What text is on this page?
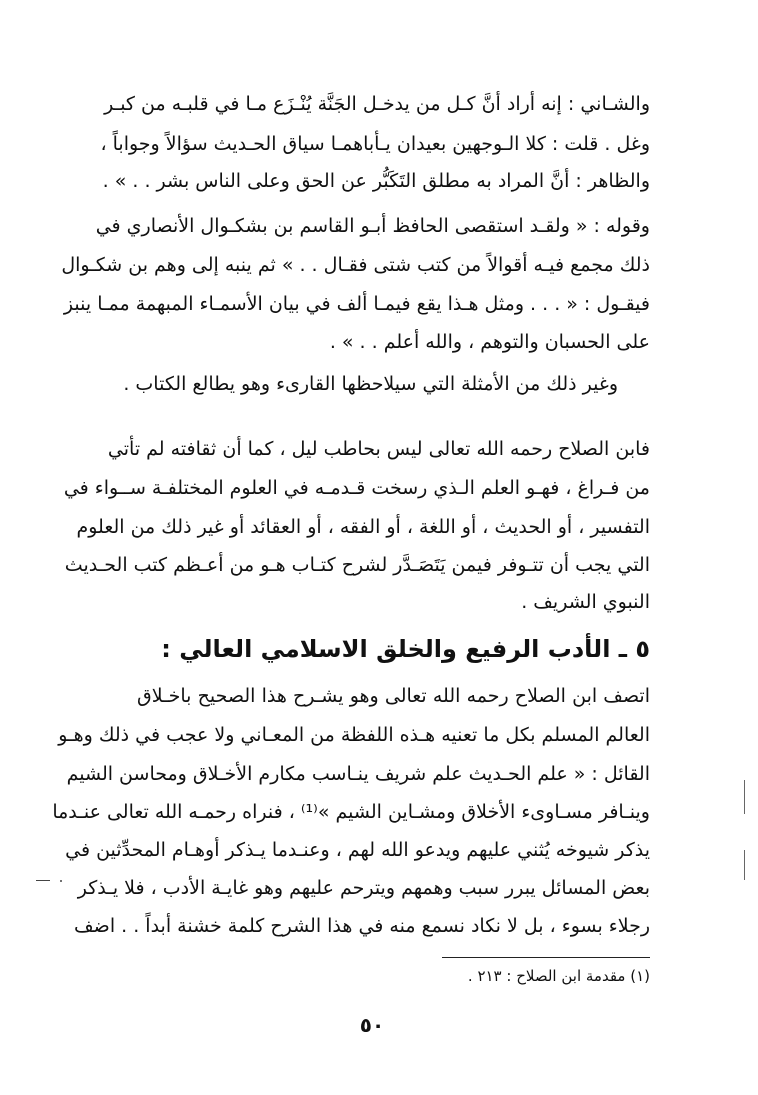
والشـاني : إنه أراد أنَّ كـل من يدخـل الجَنَّة يُنْـزَع مـا في قلبـه من كبـر
وغل . قلت : كلا الـوجهين بعيدان يـأباهمـا سياق الحـديث سؤالاً وجواباً ،
والظاهر : أنَّ المراد به مطلق التَكَبُّر عن الحق وعلى الناس بشر . . » .
وقوله : « ولقـد استقصى الحافظ أبـو القاسم بن بشكـوال الأنصاري في
ذلك مجمع فيـه أقوالاً من كتب شتى فقـال . . » ثم ينبه إلى وهم بن شكـوال
فيقـول : « . . . ومثل هـذا يقع فيمـا ألف في بيان الأسمـاء المبهمة ممـا ينبز
على الحسبان والتوهم ، والله أعلم . . » .
وغير ذلك من الأمثلة التي سيلاحظها القارىء وهو يطالع الكتاب .
فابن الصلاح رحمه الله تعالى ليس بحاطب ليل ، كما أن ثقافته لم تأتي
من فـراغ ، فهـو العلم الـذي رسخت قـدمـه في العلوم المختلفـة ســواء في
التفسير ، أو الحديث ، أو اللغة ، أو الفقه ، أو العقائد أو غير ذلك من العلوم
التي يجب أن تتـوفر فيمن يَتَصَـدَّر لشرح كتـاب هـو من أعـظم كتب الحـديث
النبوي الشريف .
٥ ـ الأدب الرفيع والخلق الاسلامي العالي :
اتصف ابن الصلاح رحمه الله تعالى وهو يشـرح هذا الصحيح باخـلاق
العالم المسلم بكل ما تعنيه هـذه اللفظة من المعـاني ولا عجب في ذلك وهـو
القائل : « علم الحـديث علم شريف ينـاسب مكارم الأخـلاق ومحاسن الشيم
وينـافر مسـاوىء الأخلاق ومشـاين الشيم »⁽¹⁾ ، فنراه رحمـه الله تعالى عنـدما
يذكر شيوخه يُثني عليهم ويدعو الله لهم ، وعنـدما يـذكر أوهـام المحدِّثين في
بعض المسائل يبرر سبب وهمهم ويترحم عليهم وهو غايـة الأدب ، فلا يـذكر
رجلاء بسوء ، بل لا نكاد نسمع منه في هذا الشرح كلمة خشنة أبداً . . اضف
(١) مقدمة ابن الصلاح : ٢١٣ .
٥٠
